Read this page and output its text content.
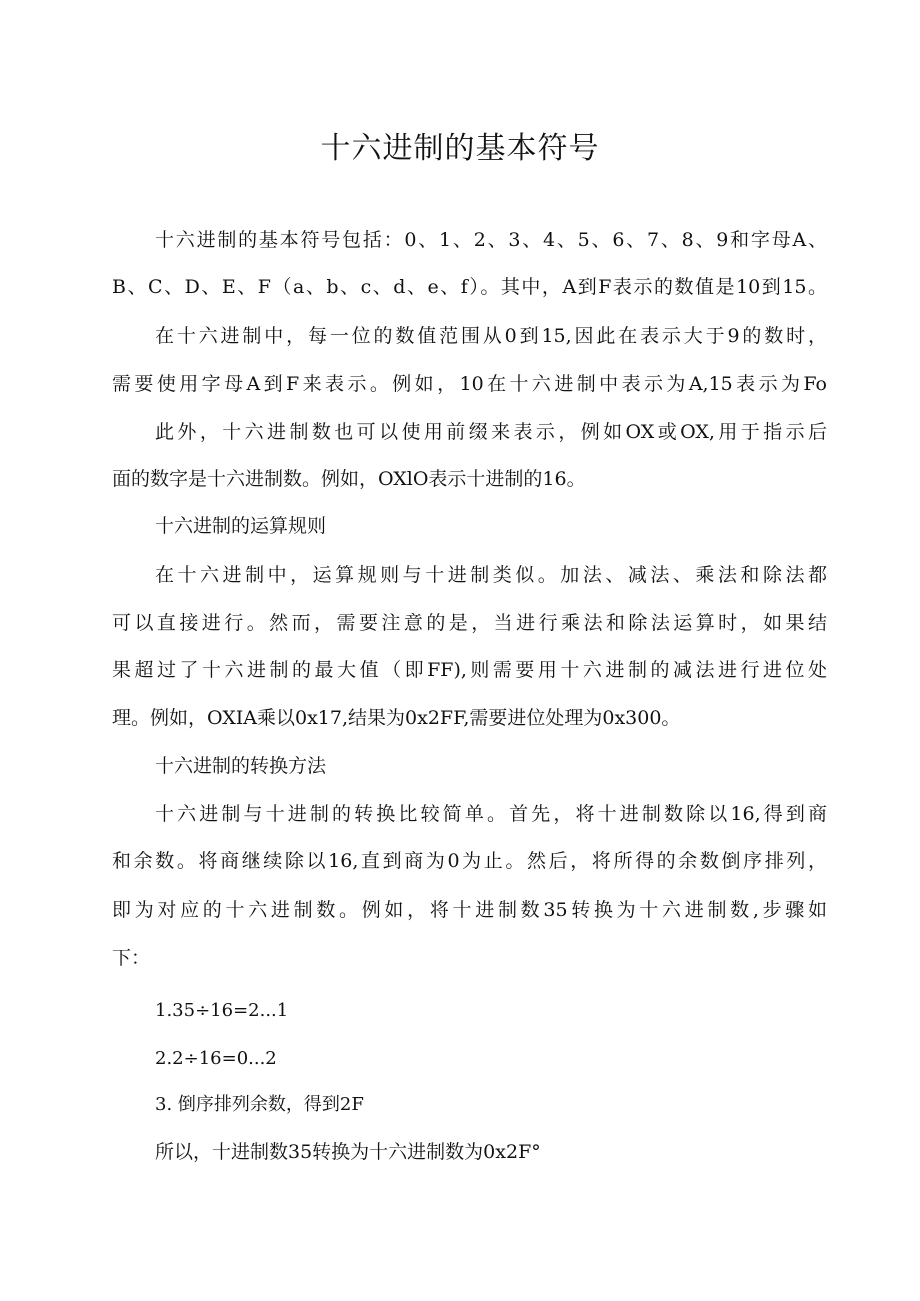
十六进制的基本符号
十六进制的基本符号包括：0、1、2、3、4、5、6、7、8、9和字母A、
B、C、D、E、F（a、b、c、d、e、f）。其中，A到F表示的数值是10到15。
在十六进制中，每一位的数值范围从0到15,因此在表示大于9的数时，
需要使用字母A到F来表示。例如，10在十六进制中表示为A,15表示为Fo
此外，十六进制数也可以使用前缀来表示，例如OX或OX,用于指示后
面的数字是十六进制数。例如，OXlO表示十进制的16。
十六进制的运算规则
在十六进制中，运算规则与十进制类似。加法、减法、乘法和除法都
可以直接进行。然而，需要注意的是，当进行乘法和除法运算时，如果结
果超过了十六进制的最大值（即FF),则需要用十六进制的减法进行进位处
理。例如，OXIA乘以0x17,结果为0x2FF,需要进位处理为0x300。
十六进制的转换方法
十六进制与十进制的转换比较简单。首先，将十进制数除以16,得到商
和余数。将商继续除以16,直到商为0为止。然后，将所得的余数倒序排列，
即为对应的十六进制数。例如，将十进制数35转换为十六进制数,步骤如
下：
1.35÷16=2...1
2.2÷16=0...2
3. 倒序排列余数，得到2F
所以，十进制数35转换为十六进制数为0x2F°
